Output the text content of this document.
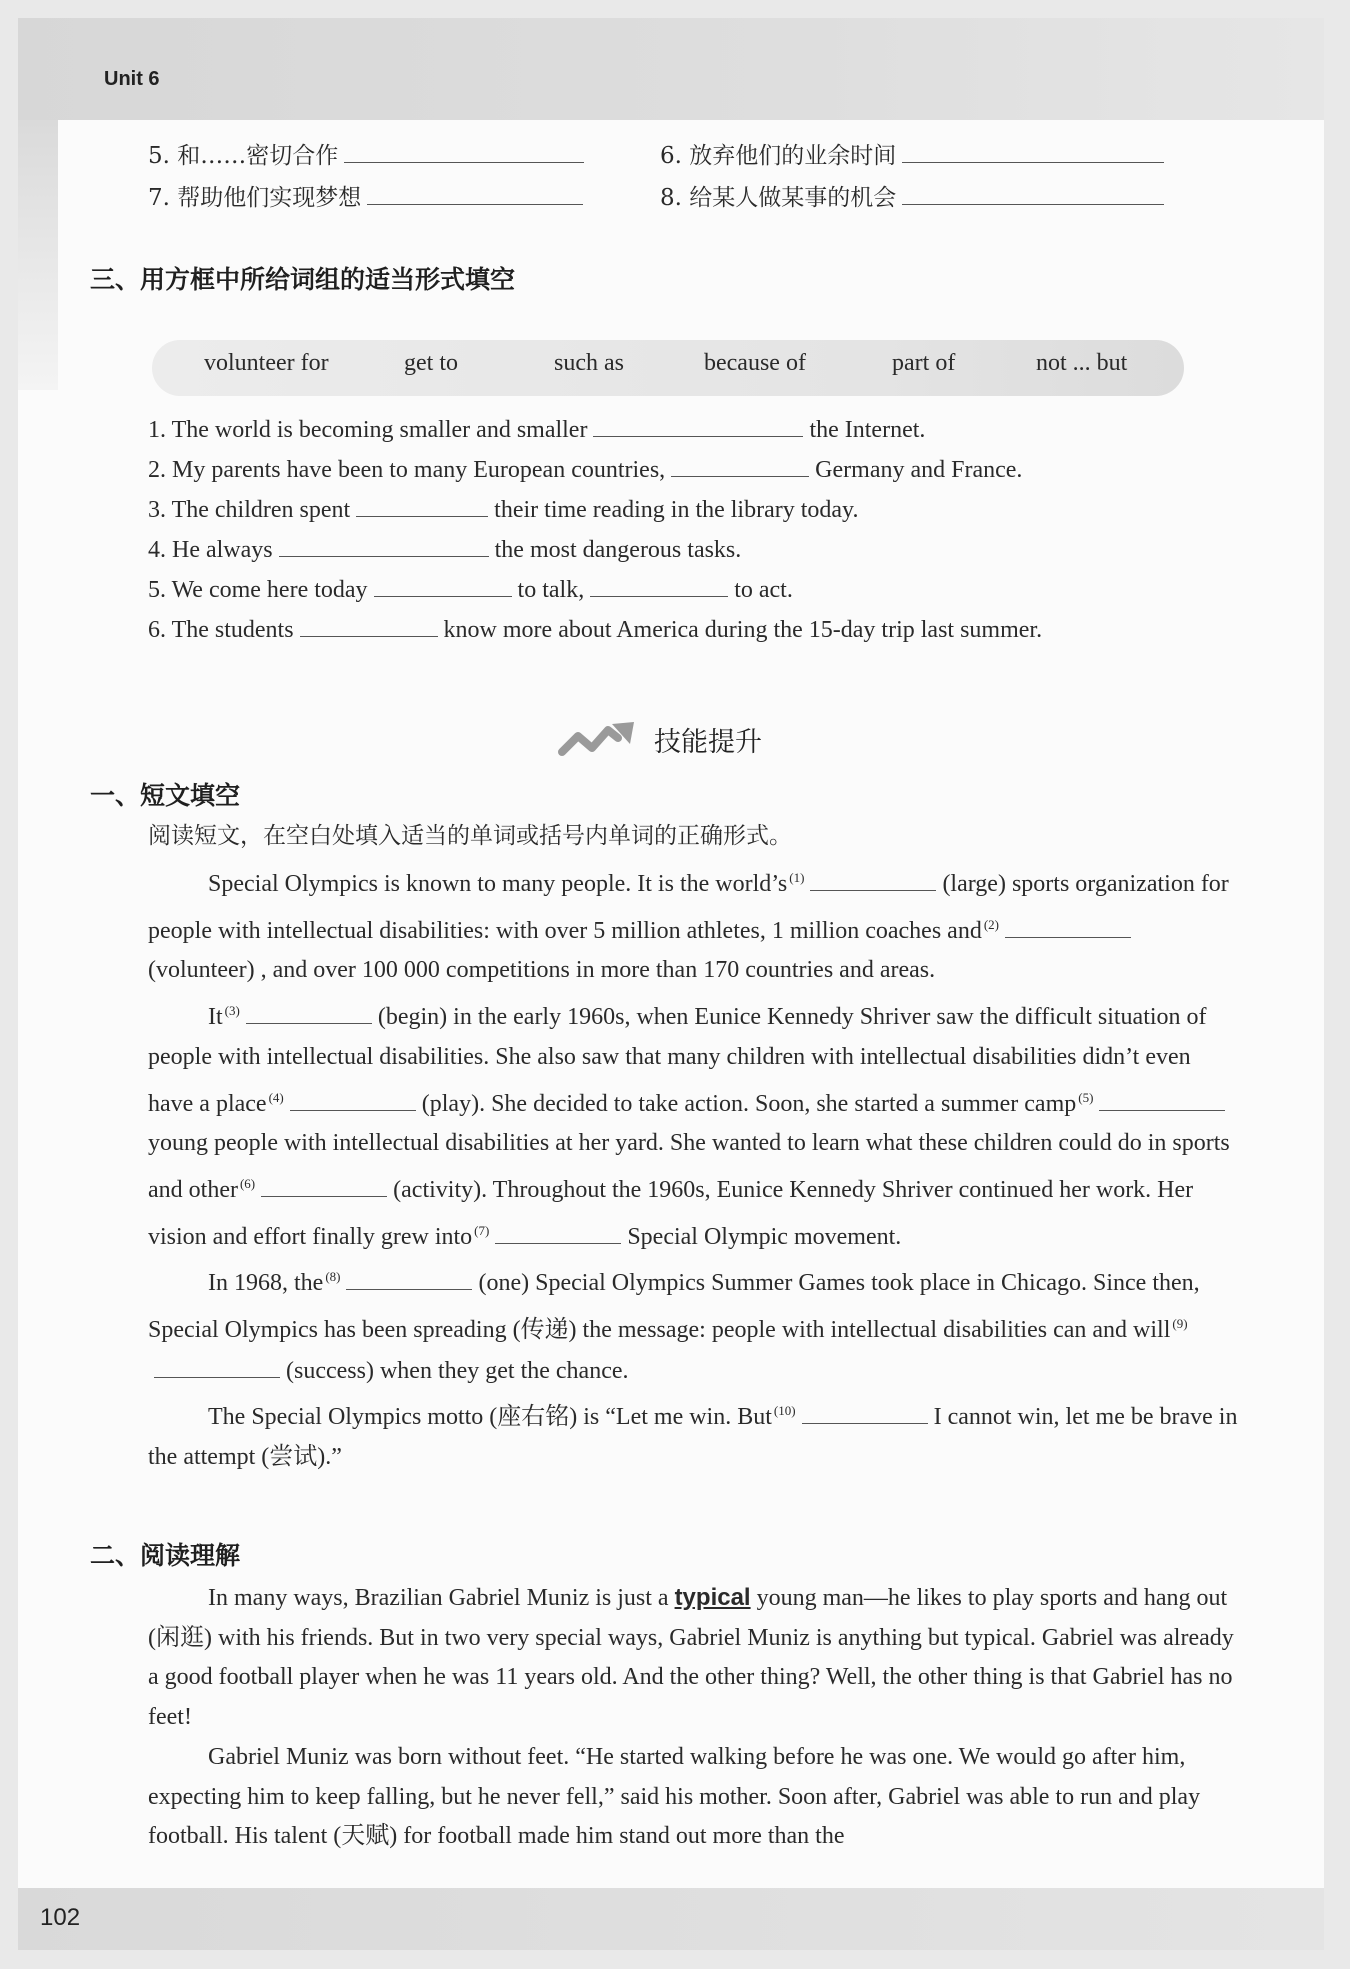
Unit 6
5. 和……密切合作	6. 放弃他们的业余时间
7. 帮助他们实现梦想	8. 给某人做某事的机会
三、用方框中所给词组的适当形式填空
volunteer for	get to	such as	because of	part of	not ... but
1. The world is becoming smaller and smaller	the Internet.
2. My parents have been to many European countries,	Germany and France.
3. The children spent	their time reading in the library today.
4. He always	the most dangerous tasks.
5. We come here today	to talk,	to act.
6. The students	know more about America during the 15-day trip last summer.
技能提升
一、短文填空
阅读短文，在空白处填入适当的单词或括号内单词的正确形式。

Special Olympics is known to many people. It is the world’s $^{(1)}$	(large) sports organization for people with intellectual disabilities: with over 5 million athletes, 1 million coaches and $^{(2)}$(volunteer) , and over 100 000 competitions in more than 170 countries and areas.

It $^{(3)}$	(begin) in the early 1960s, when Eunice Kennedy Shriver saw the difficult situation of people with intellectual disabilities. She also saw that many children with intellectual disabilities didn’t even have a place $^{(4)}$	(play). She decided to take action. Soon, she started a summer camp $^{(5)}$young people with intellectual disabilities at her yard. She wanted to learn what these children could do in sports and other $^{(6)}$	(activity). Throughout the 1960s, Eunice Kennedy Shriver continued her work. Her vision and effort finally grew into $^{(7)}$	Special Olympic movement.

In 1968, the $^{(8)}$	(one) Special Olympics Summer Games took place in Chicago. Since then, Special Olympics has been spreading (传递) the message: people with intellectual disabilities can and will $^{(9)}$(success) when they get the chance.

The Special Olympics motto (座右铭) is “Let me win. But $^{(10)}$	I cannot win, let me be brave in the attempt (尝试).”

二、阅读理解

In many ways, Brazilian Gabriel Muniz is just a typical young man—he likes to play sports and hang out (闲逛) with his friends. But in two very special ways, Gabriel Muniz is anything but typical. Gabriel was already a good football player when he was 11 years old. And the other thing? Well, the other thing is that Gabriel has no feet!

Gabriel Muniz was born without feet. “He started walking before he was one. We would go after him, expecting him to keep falling, but he never fell,” said his mother. Soon after, Gabriel was able to run and play football. His talent (天赋) for football made him stand out more than the

102
